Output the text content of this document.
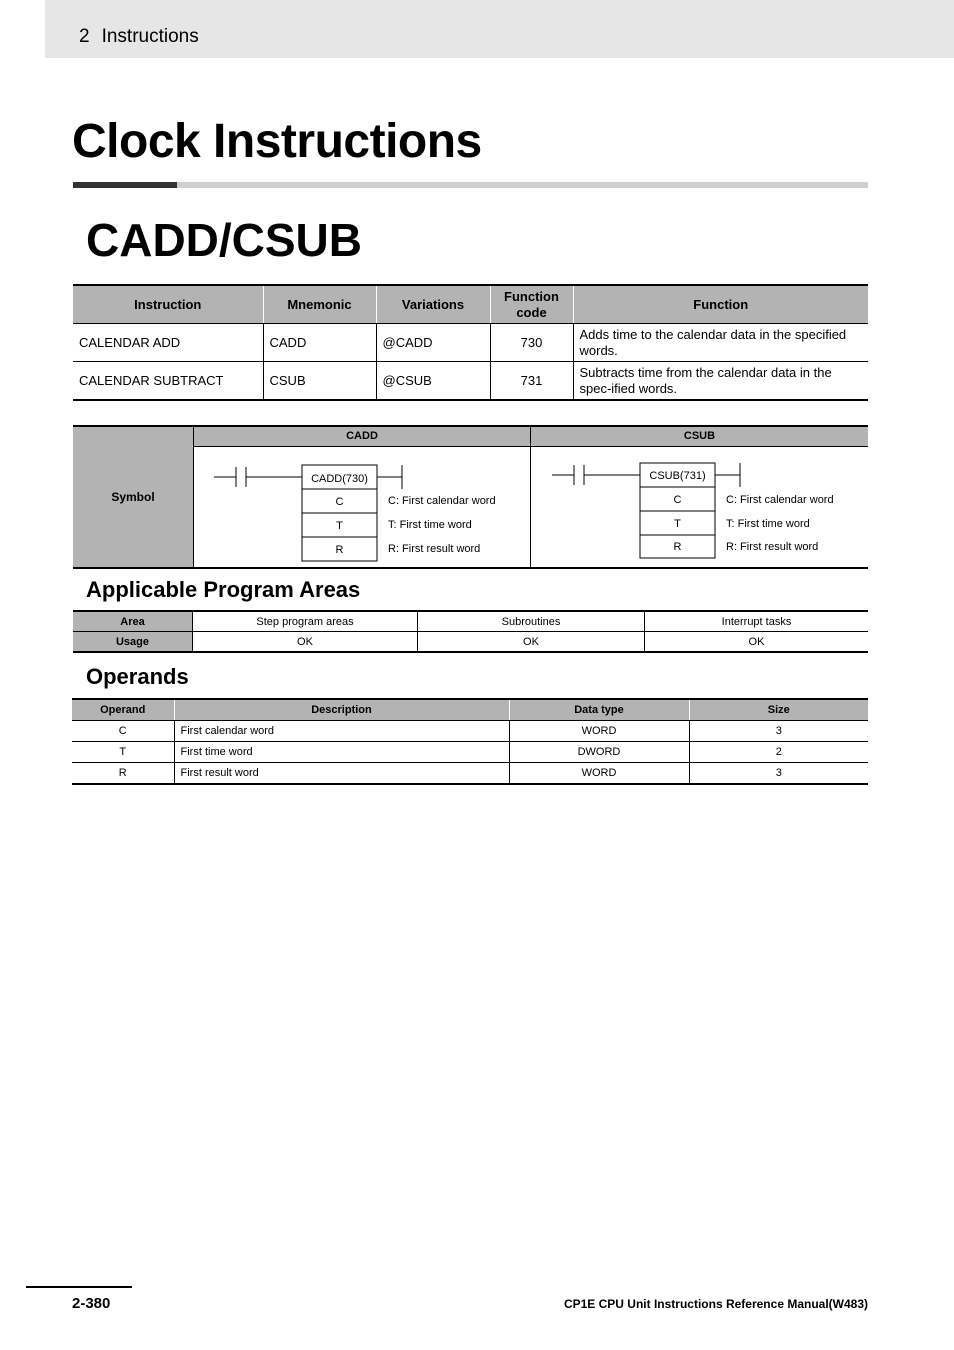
2 Instructions
Clock Instructions
CADD/CSUB
Instruction	Mnemonic	Variations	Function code	Function
CALENDAR ADD	CADD	@CADD	730	Adds time to the calendar data in the specified words.
CALENDAR SUBTRACT	CSUB	@CSUB	731	Subtracts time from the calendar data in the spec-ified words.
Symbol
CADD
CADD(730)
C
T
R
C: First calendar word
T: First time word
R: First result word
CSUB
CSUB(731)
C
T
R
C: First calendar word
T: First time word
R: First result word
Applicable Program Areas
Area	Step program areas	Subroutines	Interrupt tasks
Usage	OK	OK	OK
Operands
Operand	Description	Data type	Size
C	First calendar word	WORD	3
T	First time word	DWORD	2
R	First result word	WORD	3
2-380	CP1E CPU Unit Instructions Reference Manual(W483)
